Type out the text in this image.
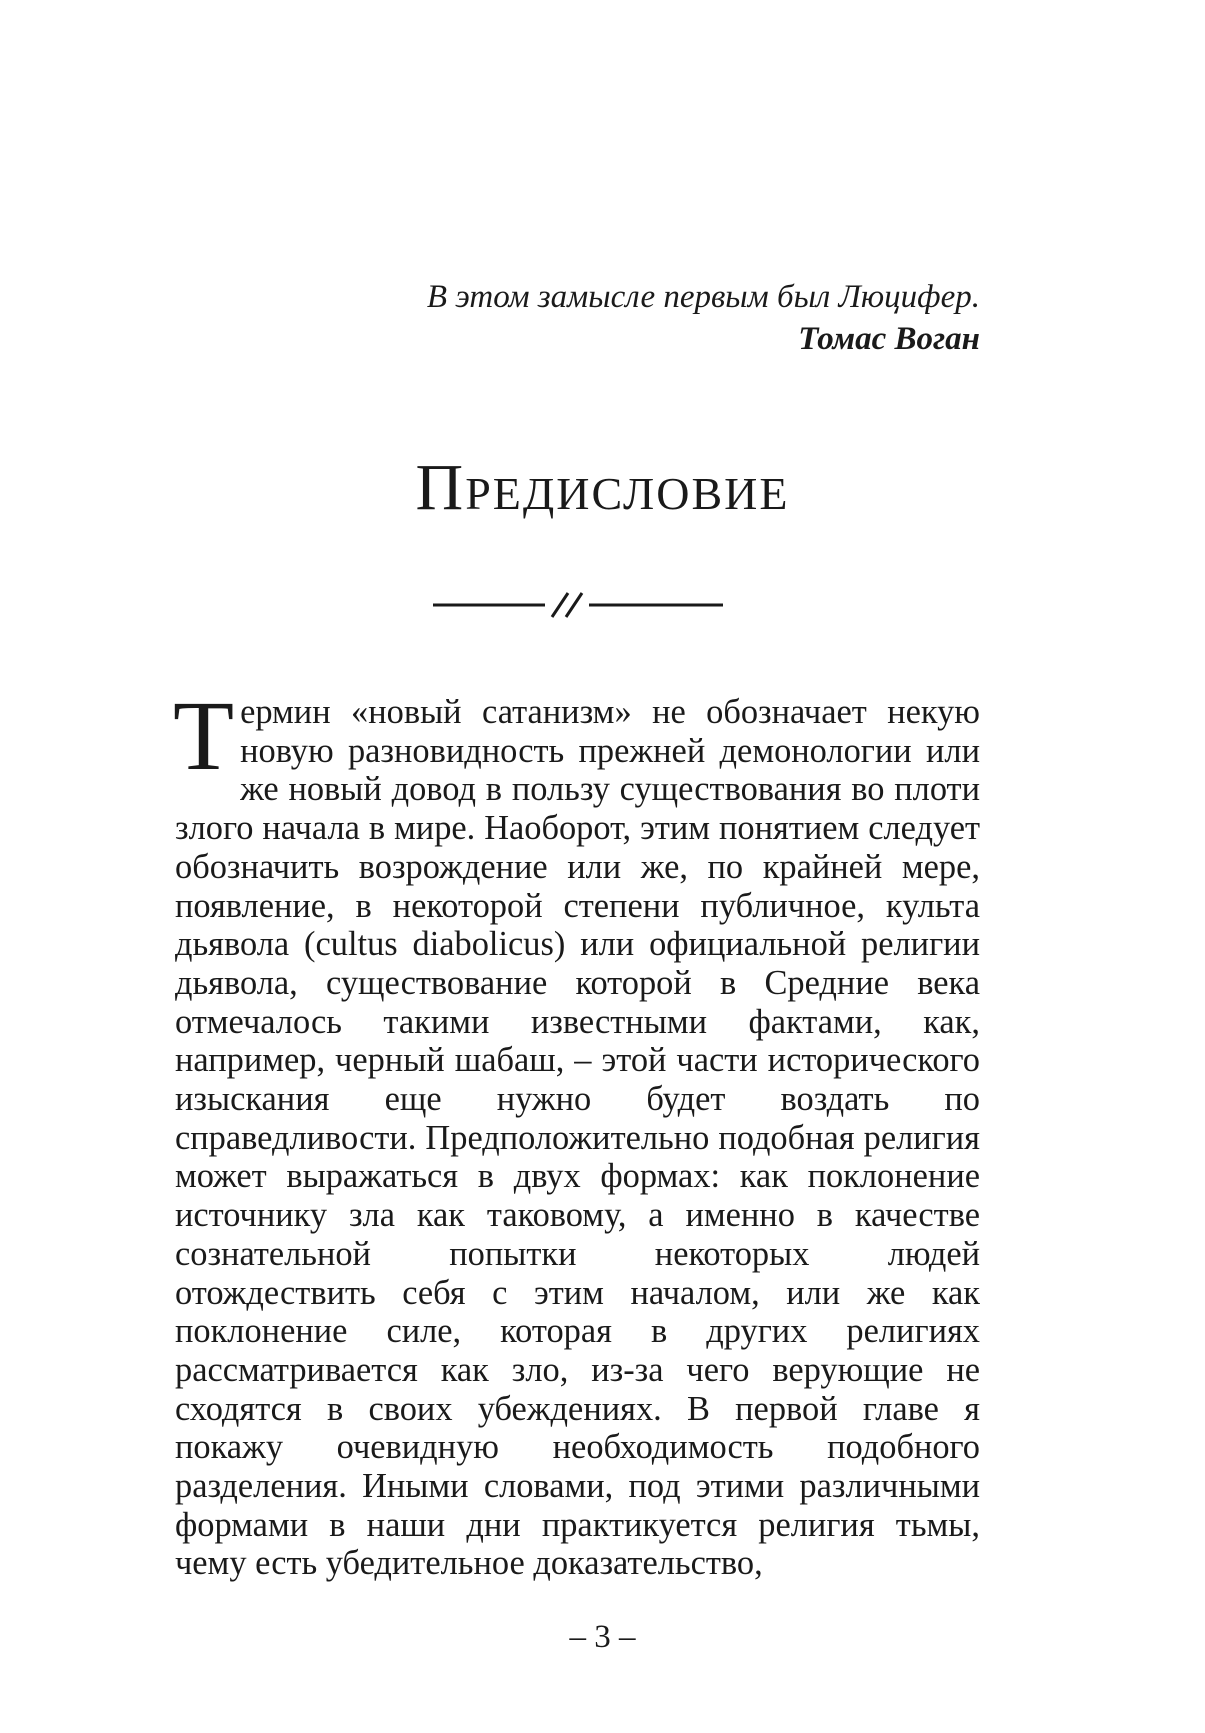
В этом замысле первым был Люцифер.
Томас Воган
Предисловие

Термин «новый сатанизм» не обозначает некую новую разновидность прежней демонологии или же новый довод в пользу существования во плоти злого начала в мире. Наоборот, этим понятием следует обозначить возрождение или же, по крайней мере, появление, в некоторой степени публичное, культа дьявола (cultus diabolicus) или официальной религии дьявола, существование которой в Средние века отмечалось такими известными фактами, как, например, черный шабаш, – этой части исторического изыскания еще нужно будет воздать по справедливости. Предположительно подобная религия может выражаться в двух формах: как поклонение источнику зла как таковому, а именно в качестве сознательной попытки некоторых людей отождествить себя с этим началом, или же как поклонение силе, которая в других религиях рассматривается как зло, из-за чего верующие не сходятся в своих убеждениях. В первой главе я покажу очевидную необходимость подобного разделения. Иными словами, под этими различными формами в наши дни практикуется религия тьмы, чему есть убедительное доказательство,

– 3 –
